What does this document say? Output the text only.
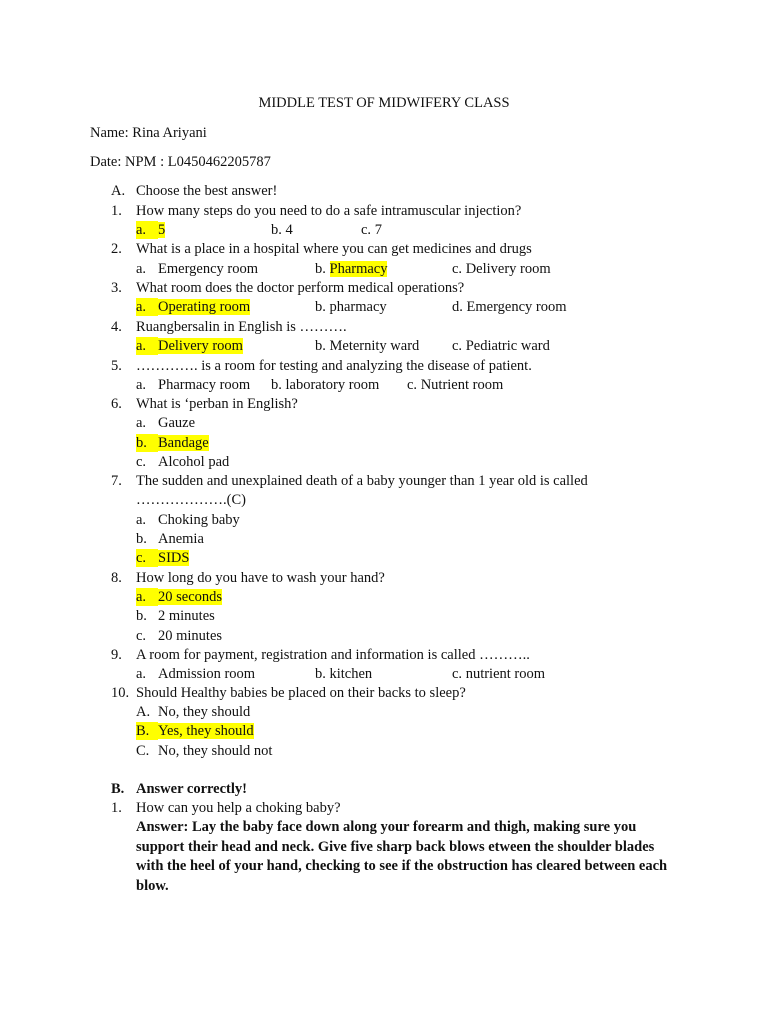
MIDDLE TEST OF MIDWIFERY CLASS
Name: Rina Ariyani
Date: NPM : L0450462205787
A. Choose the best answer!
1. How many steps do you need to do a safe intramuscular injection?
a. 5	b. 4	c. 7
2. What is a place in a hospital where you can get medicines and drugs
a. Emergency room	b. Pharmacy	c. Delivery room
3. What room does the doctor perform medical operations?
a. Operating room	b. pharmacy	d. Emergency room
4. Ruangbersalin in English is ……….
a. Delivery room	b. Meternity ward c. Pediatric ward
5. …………. is a room for testing and analyzing the disease of patient.
a. Pharmacy room b. laboratory room c. Nutrient room
6. What is ‘perban in English?
a. Gauze
b. Bandage
c. Alcohol pad
7. The sudden and unexplained death of a baby younger than 1 year old is called
……………….(C)
a. Choking baby
b. Anemia
c. SIDS
8. How long do you have to wash your hand?
a. 20 seconds
b. 2 minutes
c. 20 minutes
9. A room for payment, registration and information is called ………..
a. Admission room	b. kitchen	c. nutrient room
10. Should Healthy babies be placed on their backs to sleep?
A. No, they should
B. Yes, they should
C. No, they should not
B. Answer correctly!
1. How can you help a choking baby?
Answer: Lay the baby face down along your forearm and thigh, making sure you support their head and neck. Give five sharp back blows etween the shoulder blades with the heel of your hand, checking to see if the obstruction has cleared between each blow.
